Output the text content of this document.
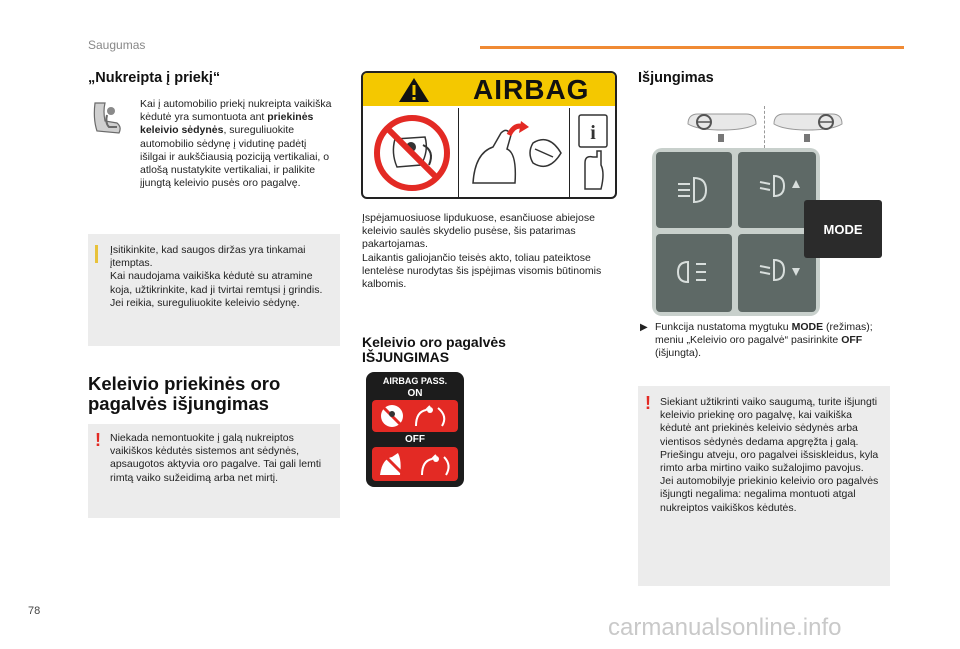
Saugumas
„Nukreipta į priekį“
Kai į automobilio priekį nukreipta vaikiška kėdutė yra sumontuota ant priekinės keleivio sėdynės, sureguliuokite automobilio sėdynę į vidutinę padėtį išilgai ir aukščiausią poziciją vertikaliai, o atlošą nustatykite vertikaliai, ir palikite įjungtą keleivio pusės oro pagalvę.
Įsitikinkite, kad saugos diržas yra tinkamai įtemptas.
Kai naudojama vaikiška kėdutė su atramine koja, užtikrinkite, kad ji tvirtai remtųsi į grindis. Jei reikia, sureguliuokite keleivio sėdynę.
Keleivio priekinės oro pagalvės išjungimas
! Niekada nemontuokite į galą nukreiptos vaikiškos kėdutės sistemos ant sėdynės, apsaugotos aktyvia oro pagalve. Tai gali lemti rimtą vaiko sužeidimą arba net mirtį.
AIRBAG
i
Įspėjamuosiuose lipdukuose, esančiuose abiejose keleivio saulės skydelio pusėse, šis patarimas pakartojamas.
Laikantis galiojančio teisės akto, toliau pateiktose lentelėse nurodytas šis įspėjimas visomis būtinomis kalbomis.
Keleivio oro pagalvės IŠJUNGIMAS
AIRBAG PASS.
ON
OFF
Išjungimas
MODE
▶ Funkcija nustatoma mygtuku MODE (režimas); meniu „Keleivio oro pagalvė“ pasirinkite OFF (išjungta).
! Siekiant užtikrinti vaiko saugumą, turite išjungti keleivio priekinę oro pagalvę, kai vaikiška kėdutė ant priekinės keleivio sėdynės arba vientisos sėdynės dedama apgręžta į galą. Priešingu atveju, oro pagalvei išsiskleidus, kyla rimto arba mirtino vaiko sužalojimo pavojus.
Jei automobilyje priekinio keleivio oro pagalvės išjungti negalima: negalima montuoti atgal nukreiptos vaikiškos kėdutės.
78
carmanualsonline.info
